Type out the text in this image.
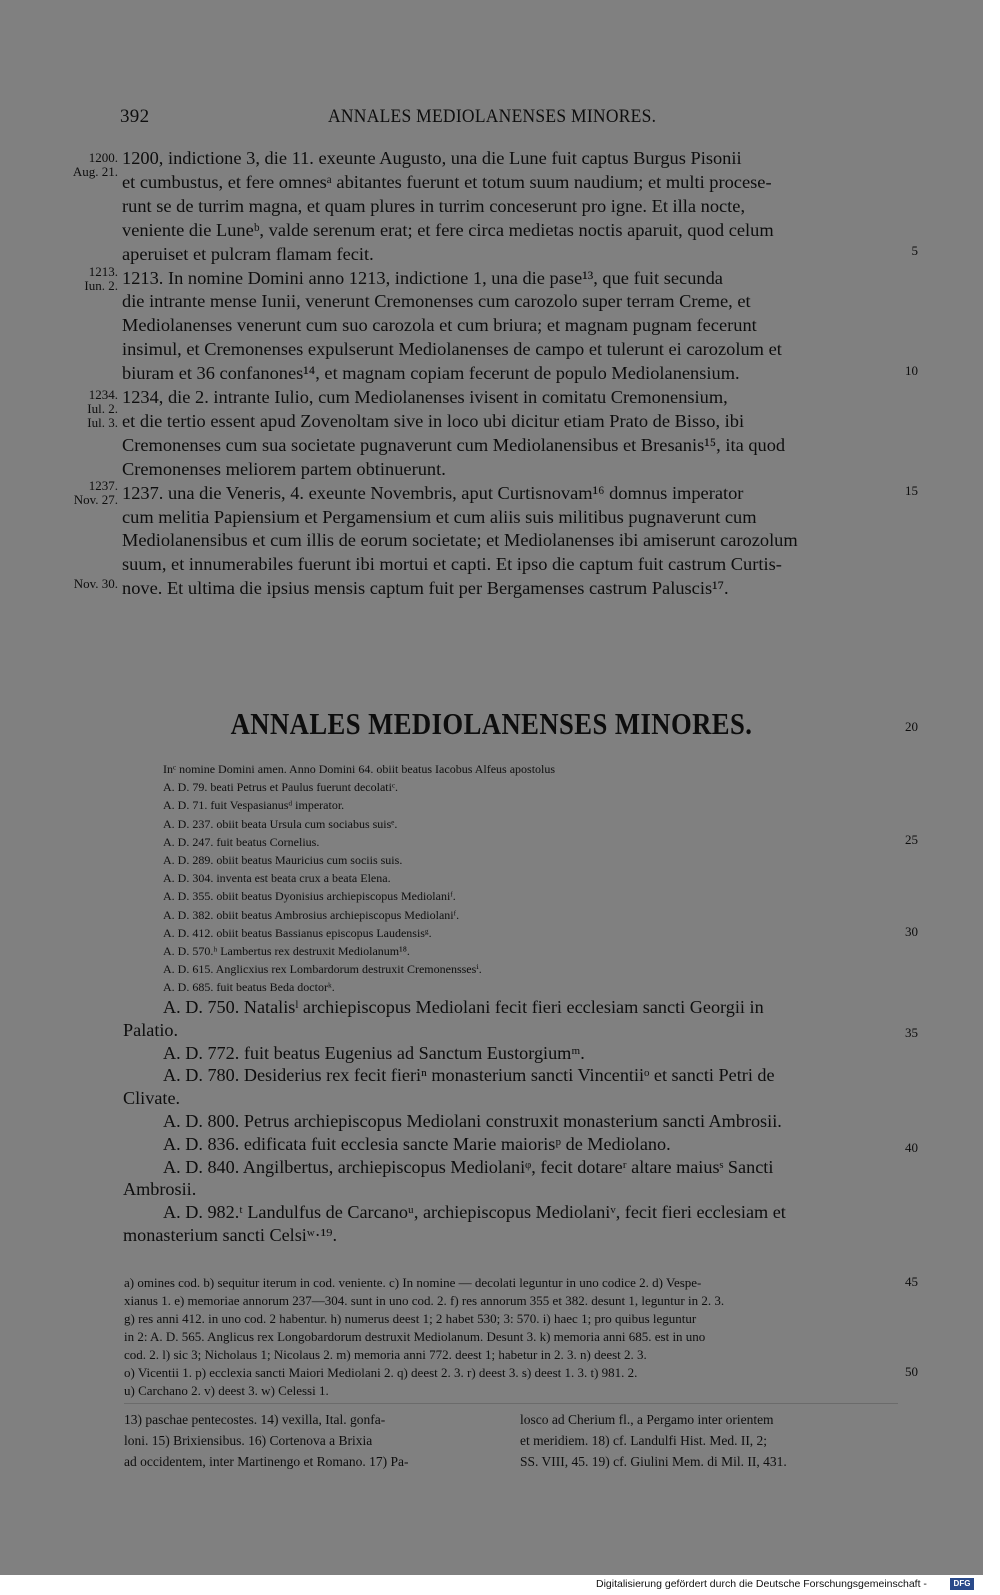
392	ANNALES MEDIOLANENSES MINORES.
1200.
Aug. 21.
1213.
Iun. 2.
1234.
Iul. 2.
Iul. 3.
1237.
Nov. 27.
Nov. 30.
1200, indictione 3, die 11. exeunte Augusto, una die Lune fuit captus Burgus Pisonii
et cumbustus, et fere omnesᵃ abitantes fuerunt et totum suum naudium; et multi procese-
runt se de turrim magna, et quam plures in turrim conceserunt pro igne. Et illa nocte,
veniente die Luneᵇ, valde serenum erat; et fere circa medietas noctis aparuit, quod celum
aperuiset et pulcram flamam fecit.
1213. In nomine Domini anno 1213, indictione 1, una die pase¹³, que fuit secunda
die intrante mense Iunii, venerunt Cremonenses cum carozolo super terram Creme, et
Mediolanenses venerunt cum suo carozola et cum briura; et magnam pugnam fecerunt
insimul, et Cremonenses expulserunt Mediolanenses de campo et tulerunt ei carozolum et
biuram et 36 confanones¹⁴, et magnam copiam fecerunt de populo Mediolanensium.
1234, die 2. intrante Iulio, cum Mediolanenses ivisent in comitatu Cremonensium,
et die tertio essent apud Zovenoltam sive in loco ubi dicitur etiam Prato de Bisso, ibi
Cremonenses cum sua societate pugnaverunt cum Mediolanensibus et Bresanis¹⁵, ita quod
Cremonenses meliorem partem obtinuerunt.
1237. una die Veneris, 4. exeunte Novembris, aput Curtisnovam¹⁶ domnus imperator
cum melitia Papiensium et Pergamensium et cum aliis suis militibus pugnaverunt cum
Mediolanensibus et cum illis de eorum societate; et Mediolanenses ibi amiserunt carozolum
suum, et innumerabiles fuerunt ibi mortui et capti. Et ipso die captum fuit castrum Curtis-
nove. Et ultima die ipsius mensis captum fuit per Bergamenses castrum Paluscis¹⁷.
5
10
15
20
25
30
35
40
45
50
ANNALES MEDIOLANENSES MINORES.
Inᶜ nomine Domini amen. Anno Domini 64. obiit beatus Iacobus Alfeus apostolus
A. D. 79. beati Petrus et Paulus fuerunt decolatiᶜ.
A. D. 71. fuit Vespasianusᵈ imperator.
A. D. 237. obiit beata Ursula cum sociabus suisᵉ.
A. D. 247. fuit beatus Cornelius.
A. D. 289. obiit beatus Mauricius cum sociis suis.
A. D. 304. inventa est beata crux a beata Elena.
A. D. 355. obiit beatus Dyonisius archiepiscopus Mediolaniᶠ.
A. D. 382. obiit beatus Ambrosius archiepiscopus Mediolaniᶠ.
A. D. 412. obiit beatus Bassianus episcopus Laudensisᵍ.
A. D. 570.ʰ Lambertus rex destruxit Mediolanum¹⁸.
A. D. 615. Anglicxius rex Lombardorum destruxit Cremonenssesⁱ.
A. D. 685. fuit beatus Beda doctorᵏ.
A. D. 750. Natalisˡ archiepiscopus Mediolani fecit fieri ecclesiam sancti Georgii in
Palatio.
A. D. 772. fuit beatus Eugenius ad Sanctum Eustorgiumᵐ.
A. D. 780. Desiderius rex fecit fieriⁿ monasterium sancti Vincentiiᵒ et sancti Petri de
Clivate.
A. D. 800. Petrus archiepiscopus Mediolani construxit monasterium sancti Ambrosii.
A. D. 836. edificata fuit ecclesia sancte Marie maiorisᵖ de Mediolano.
A. D. 840. Angilbertus, archiepiscopus Mediolaniᵠ, fecit dotareʳ altare maiusˢ Sancti
Ambrosii.
A. D. 982.ᵗ Landulfus de Carcanoᵘ, archiepiscopus Mediolaniᵛ, fecit fieri ecclesiam et
monasterium sancti Celsiʷ·¹⁹.
a) omines cod. b) sequitur iterum in cod. veniente. c) In nomine — decolati leguntur in uno codice 2. d) Vespe-
xianus 1. e) memoriae annorum 237—304. sunt in uno cod. 2. f) res annorum 355 et 382. desunt 1, leguntur in 2. 3.
g) res anni 412. in uno cod. 2 habentur. h) numerus deest 1; 2 habet 530; 3: 570. i) haec 1; pro quibus leguntur
in 2: A. D. 565. Anglicus rex Longobardorum destruxit Mediolanum. Desunt 3. k) memoria anni 685. est in uno
cod. 2. l) sic 3; Nicholaus 1; Nicolaus 2. m) memoria anni 772. deest 1; habetur in 2. 3. n) deest 2. 3.
o) Vicentii 1. p) ecclexia sancti Maiori Mediolani 2. q) deest 2. 3. r) deest 3. s) deest 1. 3. t) 981. 2.
u) Carchano 2. v) deest 3. w) Celessi 1.
13) paschae pentecostes. 14) vexilla, Ital. gonfa-
loni. 15) Brixiensibus. 16) Cortenova a Brixia
ad occidentem, inter Martinengo et Romano. 17) Pa-
losco ad Cherium fl., a Pergamo inter orientem
et meridiem. 18) cf. Landulfi Hist. Med. II, 2;
SS. VIII, 45. 19) cf. Giulini Mem. di Mil. II, 431.
Digitalisierung gefördert durch die Deutsche Forschungsgemeinschaft -	DFG
